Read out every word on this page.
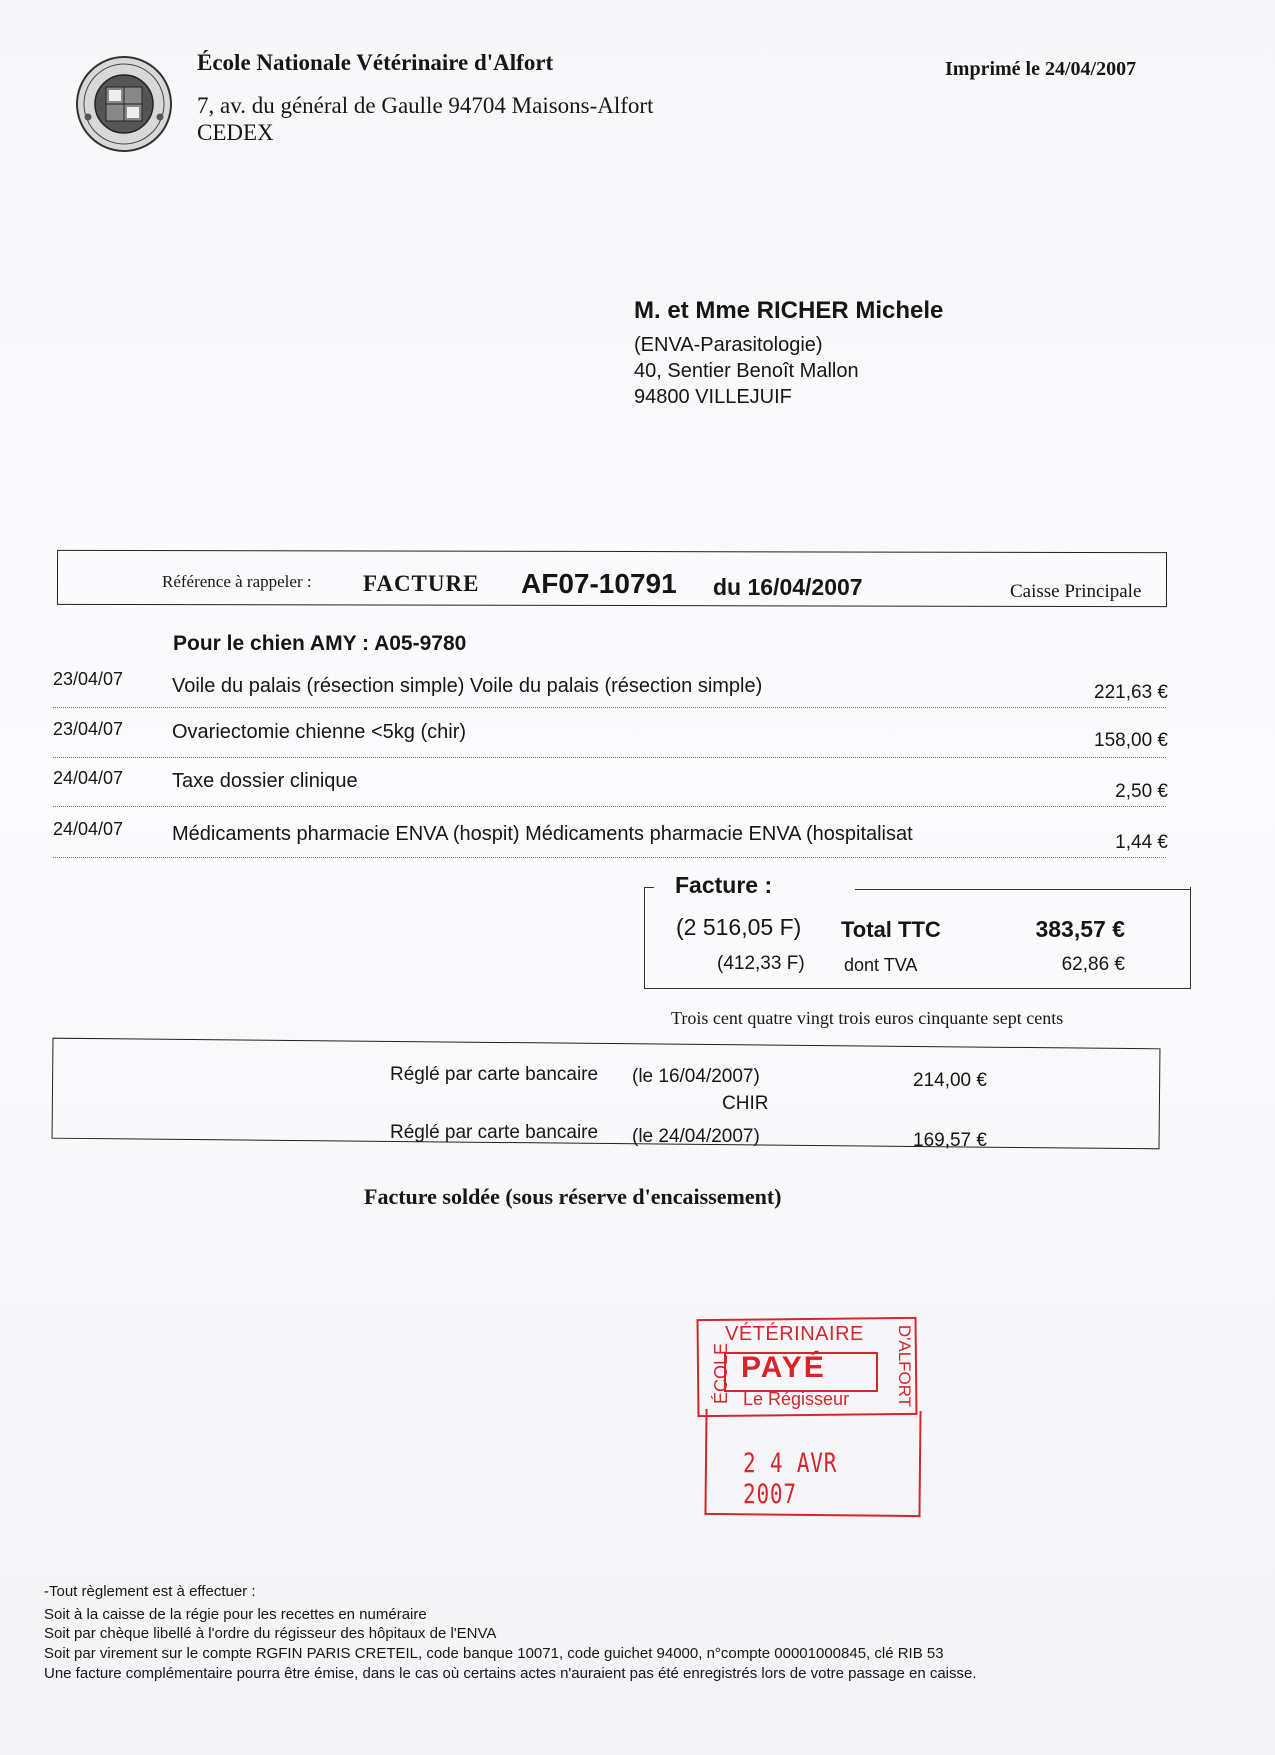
École Nationale Vétérinaire d'Alfort
7, av. du général de Gaulle 94704 Maisons-Alfort
CEDEX
Imprimé le 24/04/2007
M. et Mme RICHER Michele
(ENVA-Parasitologie)
40, Sentier Benoît Mallon
94800 VILLEJUIF
Référence à rappeler : FACTURE AF07-10791 du 16/04/2007	Caisse Principale
Pour le chien AMY : A05-9780
23/04/07 Voile du palais (résection simple) Voile du palais (résection simple)	221,63 €
23/04/07 Ovariectomie chienne <5kg (chir)	158,00 €
24/04/07 Taxe dossier clinique	2,50 €
24/04/07 Médicaments pharmacie ENVA (hospit) Médicaments pharmacie ENVA (hospitalisat	1,44 €
Facture :
(2 516,05 F) Total TTC	383,57 €
(412,33 F) dont TVA	62,86 €
Trois cent quatre vingt trois euros cinquante sept cents
Réglé par carte bancaire (le 16/04/2007)	214,00 €
CHIR
Réglé par carte bancaire (le 24/04/2007)	169,57 €
Facture soldée (sous réserve d'encaissement)
ÉCOLE
VÉTÉRINAIRE D'ALFORT
PAYÉ
Le Régisseur
2 4 AVR 2007
-Tout règlement est à effectuer :
Soit à la caisse de la régie pour les recettes en numéraire
Soit par chèque libellé à l'ordre du régisseur des hôpitaux de l'ENVA
Soit par virement sur le compte RGFIN PARIS CRETEIL, code banque 10071, code guichet 94000, n°compte 00001000845, clé RIB 53
Une facture complémentaire pourra être émise, dans le cas où certains actes n'auraient pas été enregistrés lors de votre passage en caisse.
